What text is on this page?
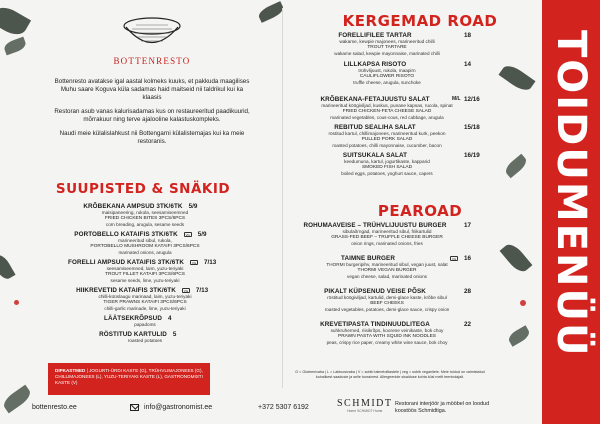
BOTTENRESTO

Bottenresto avatakse igal aastal kolmeks kuuks, et pakkuda maagilises Muhu saare Koguva küla sadamas haid maitseid nii taldrikul kui ka klaasis

Restoran asub vanas kalurisadamas kus on restaureeritud paadikuurid, mõrrakuur ning terve ajalooline kalastuskompleks.

Naudi meie külalislahkust nii Bottengarni külalistemajas kui ka meie restoranis.

SUUPISTED & SNÄKID
KRÕBEKANA AMPSUD 3TK/6TK 5/9
maisipaneering, rukola, seesamiseemned
FRIED CHICKEN BITES 3PCS/6PCS
corn breading, arugula, sesame seeds
PORTOBELLO KATAIFIS 3TK/6TK	VG 5/9
marineeritud sibul, rukola,
PORTOBELLO MUSHROOM KATAIFI 3PCS/6PCS
marinated onions, arugula
FORELLI AMPSUD KATAIFIS 3TK/6TK	VG 7/13
seesamiseemned, laim, yuzu-teriyaki
TROUT FILLET KATAIFI 3PCS/6PCS
sesame seeds, lime, yuzu-teriyaki
HIIKREVETID KATAIFIS 3TK/6TK	VG 7/13
chilli-küüslaugu marinaad, laim, yuzu-teriyaki
TIGER PRAWNS KATAIFI 3PCS/6PCS
chilli-garlic marinade, lime, yuzu-teriyaki
LÄÄTSEKRÕPSUD 4
papadoms
RÖSTITUD KARTULID 5
roasted potatoes
DIPKASTMED | JOGURTI-ÜRDI KASTE (G), TRÜHVLIMAJONEES (G), CHILLIMAJONEES (L), YUZU-TERIYAKI KASTE (L), GASTRONOMISTI KASTE (V)
KERGEMAD ROAD
FORELLIFILEE TARTAR	18
wakame, kewpie majonees, marineeritud chilli
TROUT TARTARE
wakame salad, kewpie mayonnaise, marinated chilli
LILLKAPSA RISOTO	14
trühvlijuust, rukola, maapirn
CAULIFLOWER RISOTO
truffle cheese, arugula, sunchoke
KRÕBEKANA-FETAJUUSTU SALAT	12/16
marineeritud köögiviljad, kuskus, punane kapsas, rucola, spinat
FRIED CHICKEN-FETA CHEESE SALAD
marinated vegetables, cous-cous, red cabbage, arugula
REBITUD SEALIHA SALAT	15/18
röstitud kartul, chillimajonees, marineeritud kurk, peekon
PULLED PORK SALAD
roasted potatoes, chilli mayonnaise, cucumber, bacon
SUITSUKALA SALAT	16/19
keedumuna, kartul, jogurtikaste, kapparid
SMOKED FISH SALAD
boiled eggs, potatoes, yoghurt sauce, capers
M/L
PEAROAD
ROHUMAAVEISE – TRÜHVLIJUUSTU BURGER	17
sibulaõrngad, marineeritud sibul, friikartulid
GRASS-FED BEEF – TRUFFLE CHEESE BURGER
onion rings, marinated onions, fries
TAIMNE BURGER	VG 16
THORMI burgeripihv, marineeritud sibul, vegan juust, salat
THORMI VEGAN BURGER
vegan cheese, salad, marinated onions
PIKALT KÜPSENUD VEISE PÕSK	28
röstitud köögiviljad, kartulid, demi-glace kaste, krõbe sibul
BEEF CHEEKS
roasted vegetables, potatoes, demi-glace sauce, crispy onion
KREVETIPASTA TINDINUUDLITEGA	22
suhkruherned, riisikrõps, koorene veinikaste, bok choy
PRAWN PASTA WITH SQUID INK NOODLES
peas, crispy rice paper, creamy white wine sauce, bok choy
G = Gluteenivaba | L = Laktoosivaba | V = sobib taimetoitlastele | veg = sobib veganitele. Meie toidud on valmistatud kohalikest saaduste ja selle toorainest. Allergeenide sisalduse kohta küsi meilt teenindajalt.
TOIDUMENÜÜ
bottenresto.ee	info@gastronomist.ee	+372 5307 6192	SCHMIDT
Home SCHMIDT Home
Restorani interjöör ja mööbel on loodud koostöös Schmidtiga.
